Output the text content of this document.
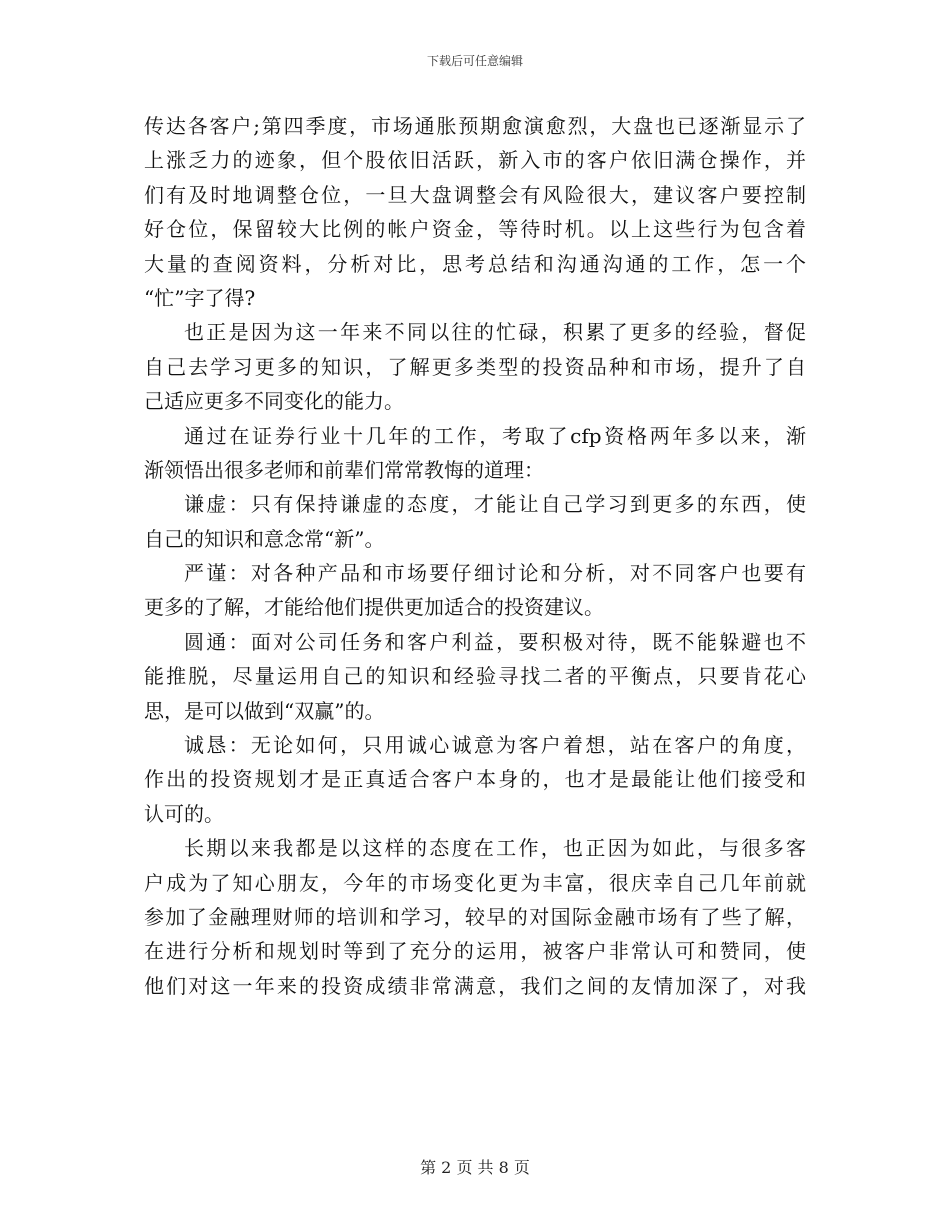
下载后可任意编辑
传达各客户;第四季度，市场通胀预期愈演愈烈，大盘也已逐渐显示了
上涨乏力的迹象，但个股依旧活跃，新入市的客户依旧满仓操作，并
们有及时地调整仓位，一旦大盘调整会有风险很大，建议客户要控制
好仓位，保留较大比例的帐户资金，等待时机。以上这些行为包含着
大量的查阅资料，分析对比，思考总结和沟通沟通的工作，怎一个
“忙”字了得?
也正是因为这一年来不同以往的忙碌，积累了更多的经验，督促
自己去学习更多的知识，了解更多类型的投资品种和市场，提升了自
己适应更多不同变化的能力。
通过在证券行业十几年的工作，考取了cfp资格两年多以来，渐
渐领悟出很多老师和前辈们常常教悔的道理：
谦虚：只有保持谦虚的态度，才能让自己学习到更多的东西，使
自己的知识和意念常“新”。
严谨：对各种产品和市场要仔细讨论和分析，对不同客户也要有
更多的了解，才能给他们提供更加适合的投资建议。
圆通：面对公司任务和客户利益，要积极对待，既不能躲避也不
能推脱，尽量运用自己的知识和经验寻找二者的平衡点，只要肯花心
思，是可以做到“双赢”的。
诚恳：无论如何，只用诚心诚意为客户着想，站在客户的角度，
作出的投资规划才是正真适合客户本身的，也才是最能让他们接受和
认可的。
长期以来我都是以这样的态度在工作，也正因为如此，与很多客
户成为了知心朋友，今年的市场变化更为丰富，很庆幸自己几年前就
参加了金融理财师的培训和学习，较早的对国际金融市场有了些了解，
在进行分析和规划时等到了充分的运用，被客户非常认可和赞同，使
他们对这一年来的投资成绩非常满意，我们之间的友情加深了，对我
第 2 页 共 8 页
